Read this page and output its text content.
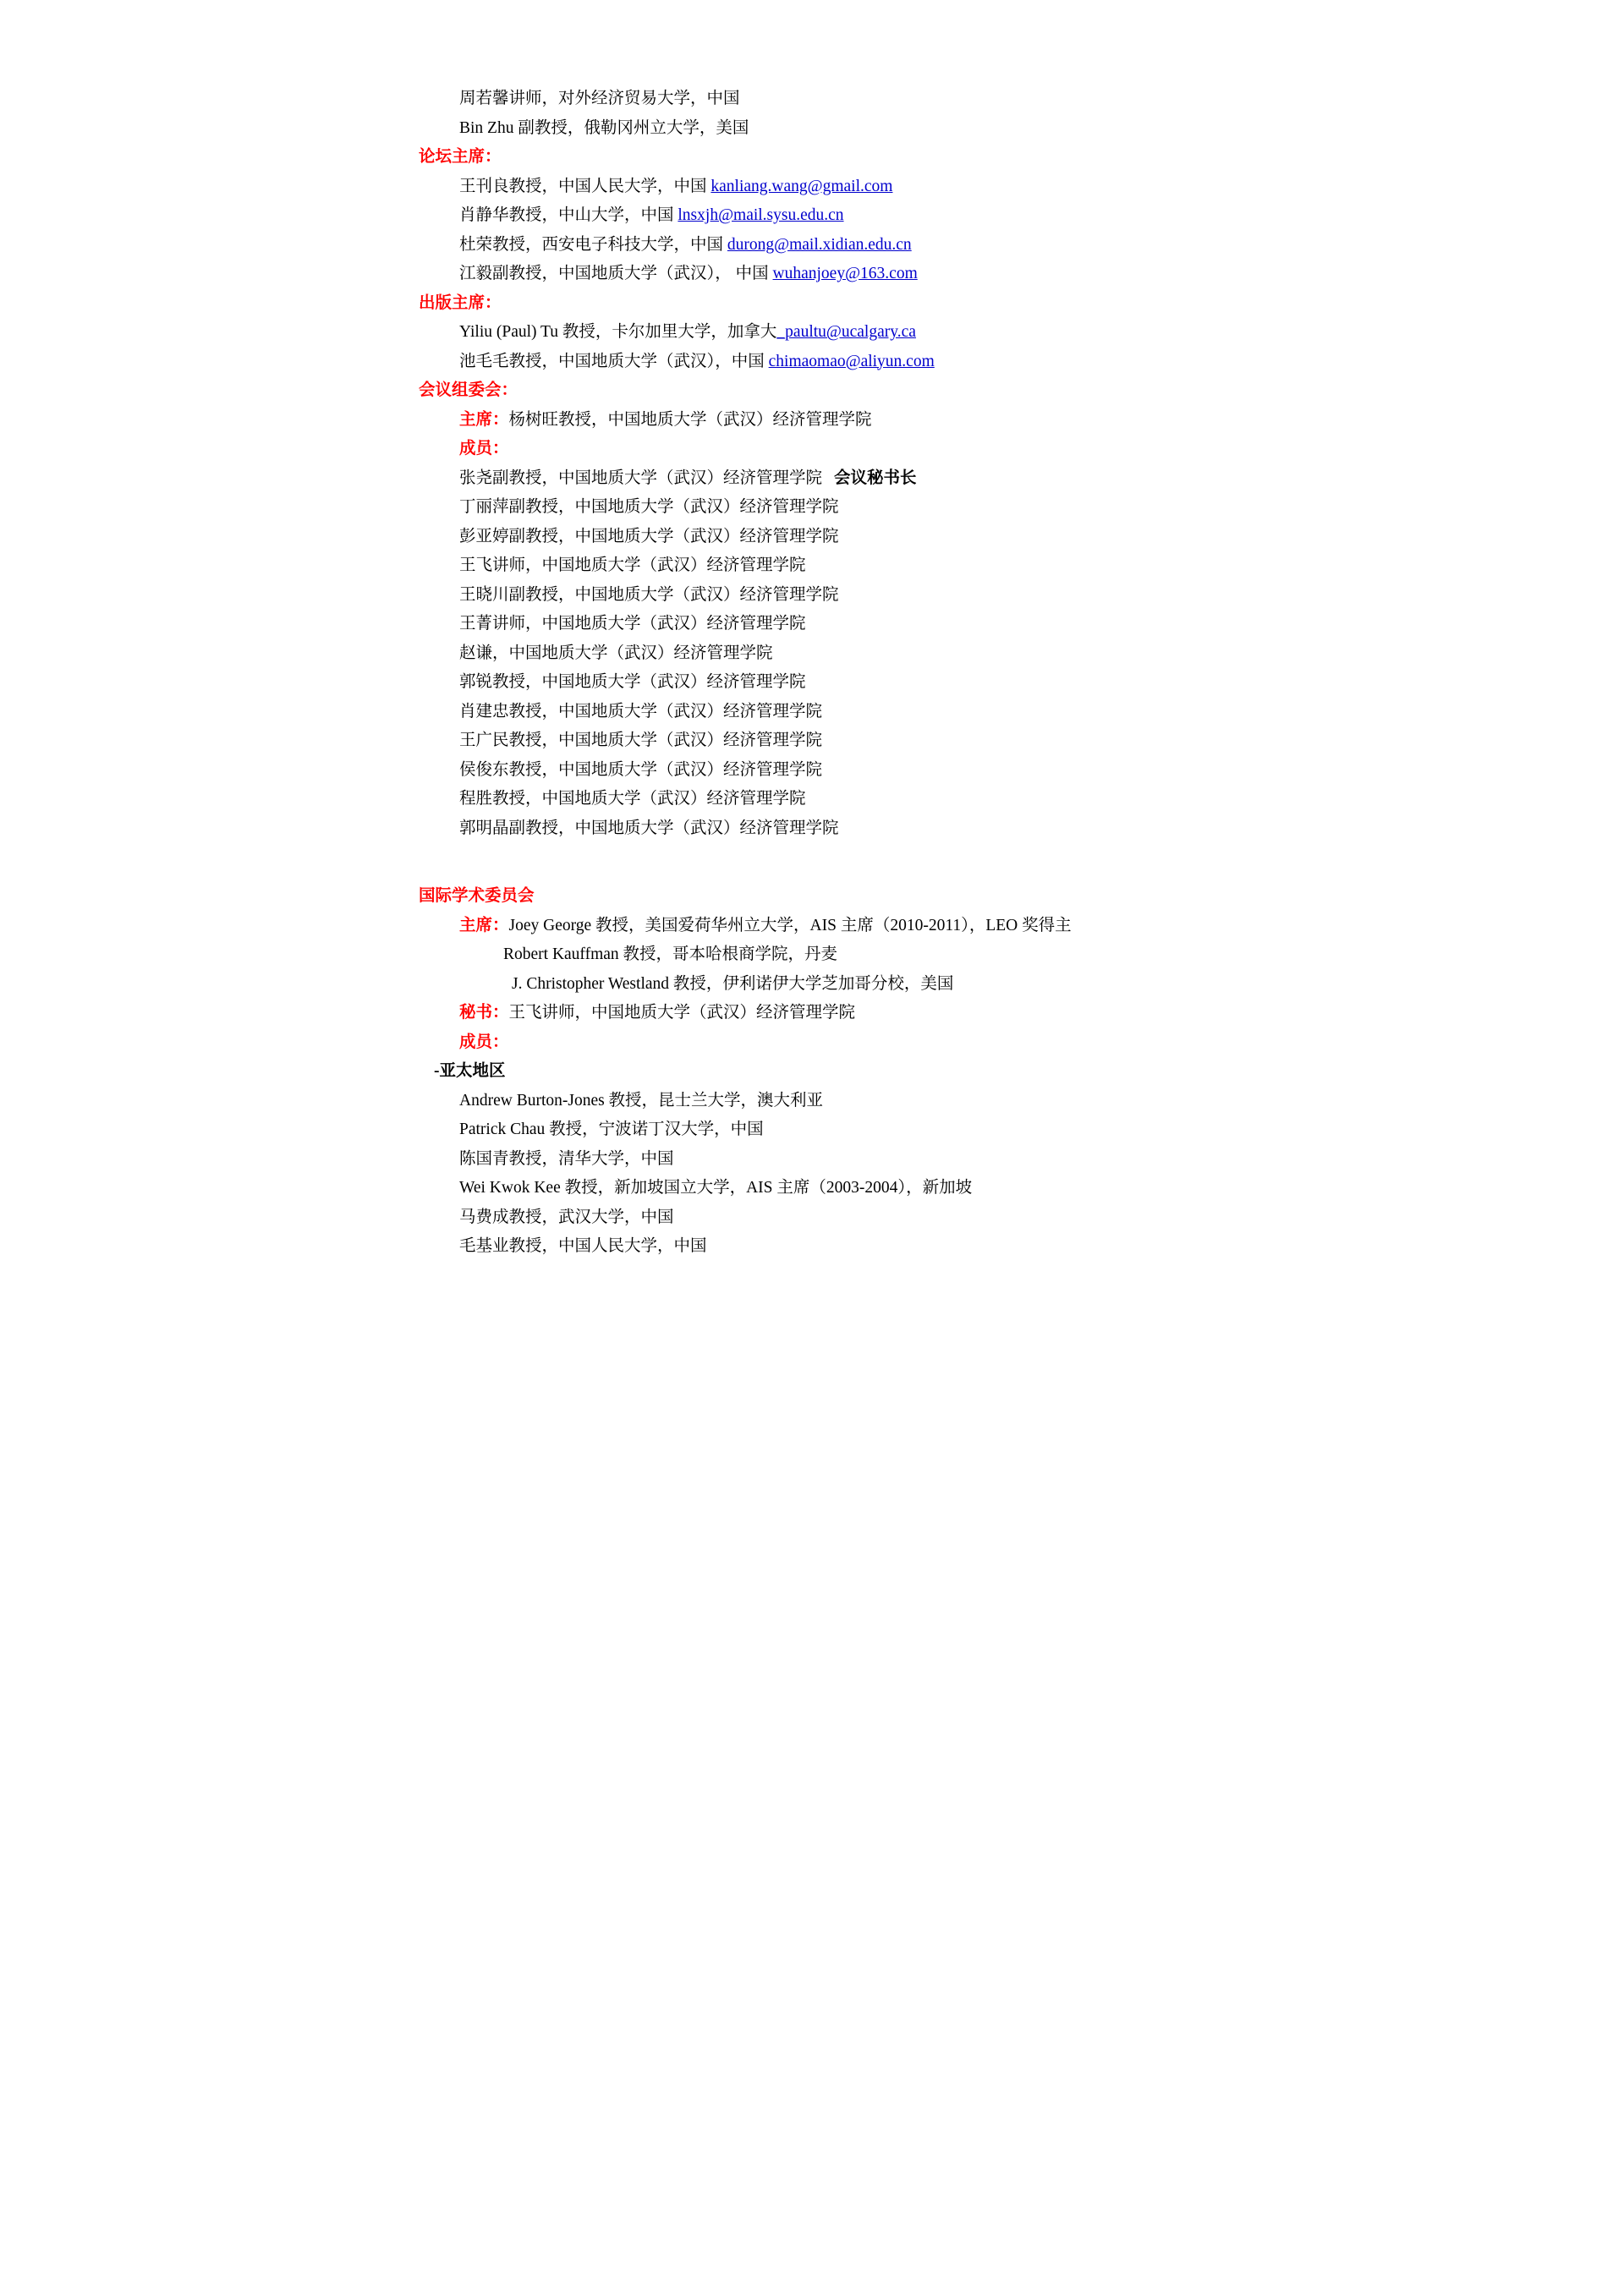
周若馨讲师，对外经济贸易大学，中国
Bin Zhu 副教授，俄勒冈州立大学，美国
论坛主席：
王刊良教授，中国人民大学，中国 kanliang.wang@gmail.com
肖静华教授，中山大学，中国 lnsxjh@mail.sysu.edu.cn
杜荣教授，西安电子科技大学，中国 durong@mail.xidian.edu.cn
江毅副教授，中国地质大学（武汉）， 中国 wuhanjoey@163.com
出版主席：
Yiliu (Paul) Tu 教授，卡尔加里大学，加拿大_paultu@ucalgary.ca
池毛毛教授，中国地质大学（武汉），中国 chimaomao@aliyun.com
会议组委会：
主席：杨树旺教授，中国地质大学（武汉）经济管理学院
成员：
张尧副教授，中国地质大学（武汉）经济管理学院 会议秘书长
丁丽萍副教授，中国地质大学（武汉）经济管理学院
彭亚婷副教授，中国地质大学（武汉）经济管理学院
王飞讲师，中国地质大学（武汉）经济管理学院
王晓川副教授，中国地质大学（武汉）经济管理学院
王菁讲师，中国地质大学（武汉）经济管理学院
赵谦，中国地质大学（武汉）经济管理学院
郭锐教授，中国地质大学（武汉）经济管理学院
肖建忠教授，中国地质大学（武汉）经济管理学院
王广民教授，中国地质大学（武汉）经济管理学院
侯俊东教授，中国地质大学（武汉）经济管理学院
程胜教授，中国地质大学（武汉）经济管理学院
郭明晶副教授，中国地质大学（武汉）经济管理学院
国际学术委员会
主席：Joey George 教授，美国爱荷华州立大学，AIS 主席（2010-2011），LEO 奖得主
Robert Kauffman 教授，哥本哈根商学院，丹麦
J. Christopher Westland 教授，伊利诺伊大学芝加哥分校，美国
秘书：王飞讲师，中国地质大学（武汉）经济管理学院
成员：
-亚太地区
Andrew Burton-Jones 教授，昆士兰大学，澳大利亚
Patrick Chau 教授，宁波诺丁汉大学，中国
陈国青教授，清华大学，中国
Wei Kwok Kee 教授，新加坡国立大学，AIS 主席（2003-2004），新加坡
马费成教授，武汉大学，中国
毛基业教授，中国人民大学，中国
